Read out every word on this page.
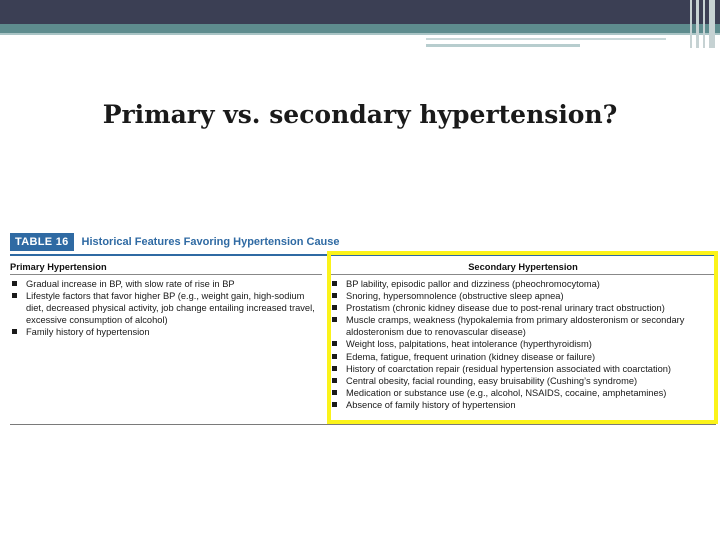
Primary vs. secondary hypertension?
TABLE 16	Historical Features Favoring Hypertension Cause
Primary Hypertension
Gradual increase in BP, with slow rate of rise in BP
Lifestyle factors that favor higher BP (e.g., weight gain, high-sodium diet, decreased physical activity, job change entailing increased travel, excessive consumption of alcohol)
Family history of hypertension
Secondary Hypertension
BP lability, episodic pallor and dizziness (pheochromocytoma)
Snoring, hypersomnolence (obstructive sleep apnea)
Prostatism (chronic kidney disease due to post-renal urinary tract obstruction)
Muscle cramps, weakness (hypokalemia from primary aldosteronism or secondary aldosteronism due to renovascular disease)
Weight loss, palpitations, heat intolerance (hyperthyroidism)
Edema, fatigue, frequent urination (kidney disease or failure)
History of coarctation repair (residual hypertension associated with coarctation)
Central obesity, facial rounding, easy bruisability (Cushing’s syndrome)
Medication or substance use (e.g., alcohol, NSAIDS, cocaine, amphetamines)
Absence of family history of hypertension
